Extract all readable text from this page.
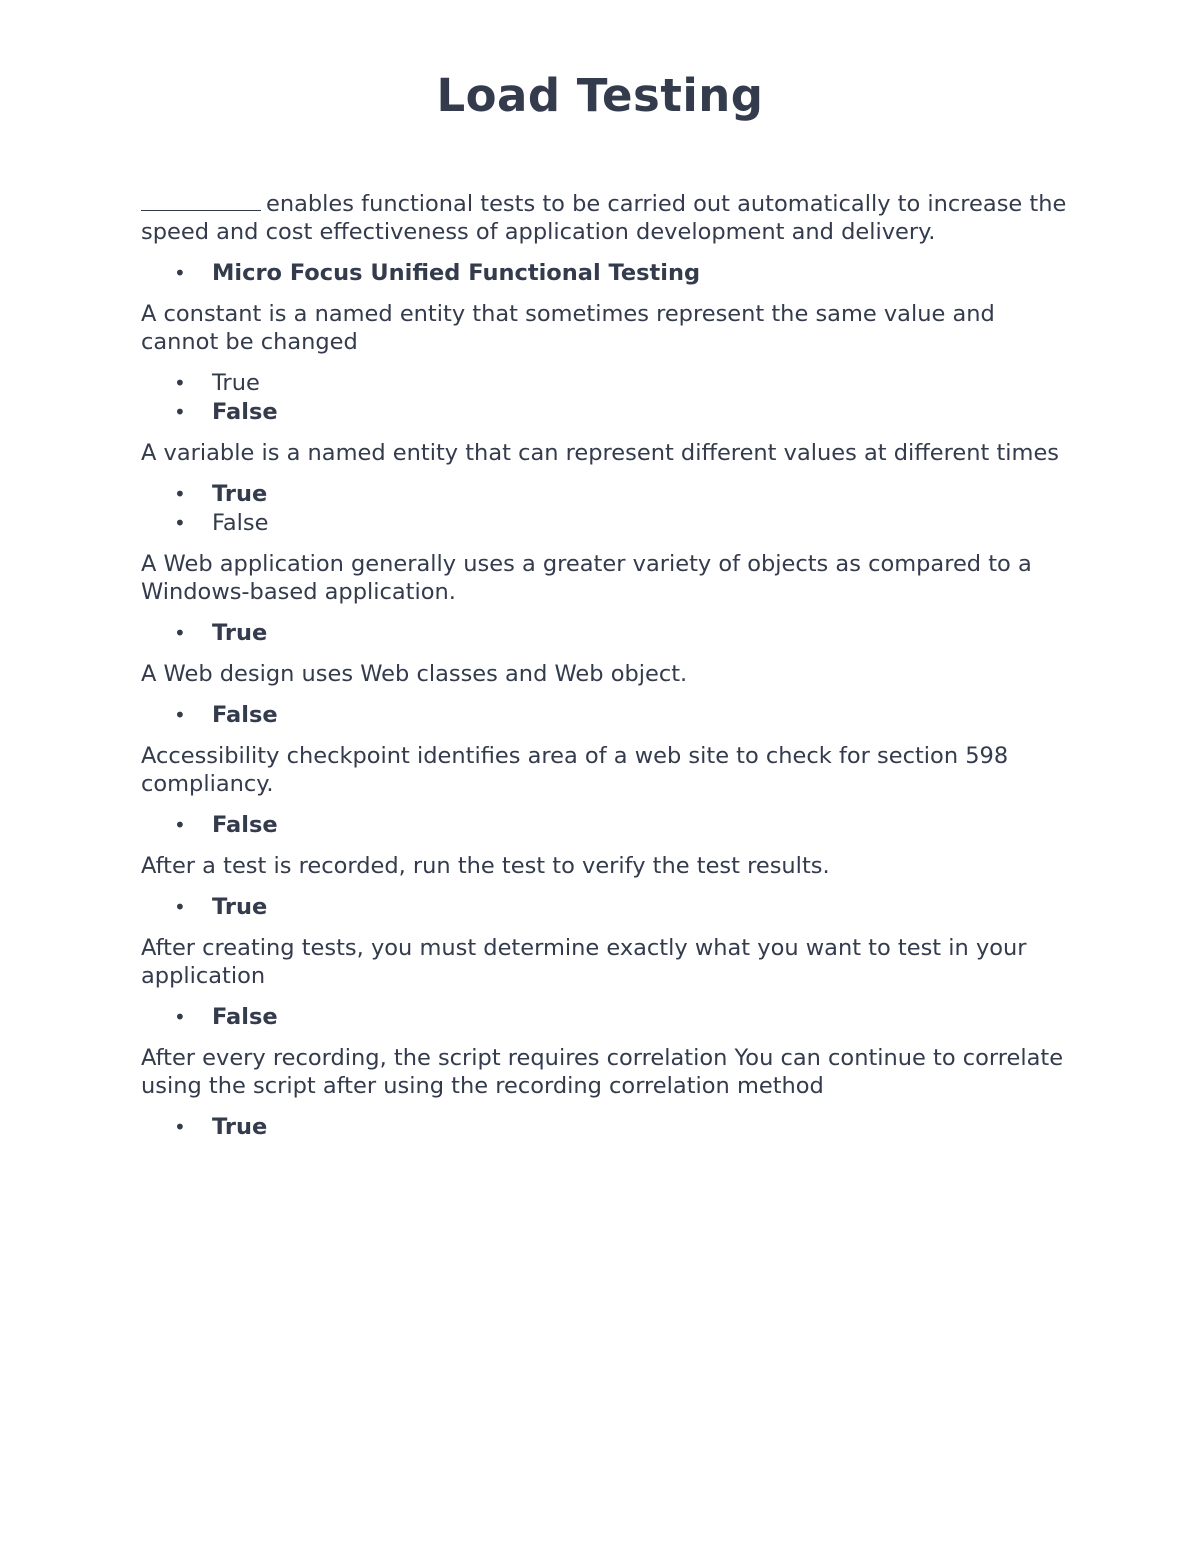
Load Testing

enables functional tests to be carried out automatically to increase the speed and cost effectiveness of application development and delivery.

• Micro Focus Unified Functional Testing

A constant is a named entity that sometimes represent the same value and cannot be changed

• True
• False

A variable is a named entity that can represent different values at different times

• True
• False

A Web application generally uses a greater variety of objects as compared to a Windows-based application.

• True

A Web design uses Web classes and Web object.

• False

Accessibility checkpoint identifies area of a web site to check for section 598 compliancy.

• False

After a test is recorded, run the test to verify the test results.

• True

After creating tests, you must determine exactly what you want to test in your application

• False

After every recording, the script requires correlation You can continue to correlate using the script after using the recording correlation method

• True
